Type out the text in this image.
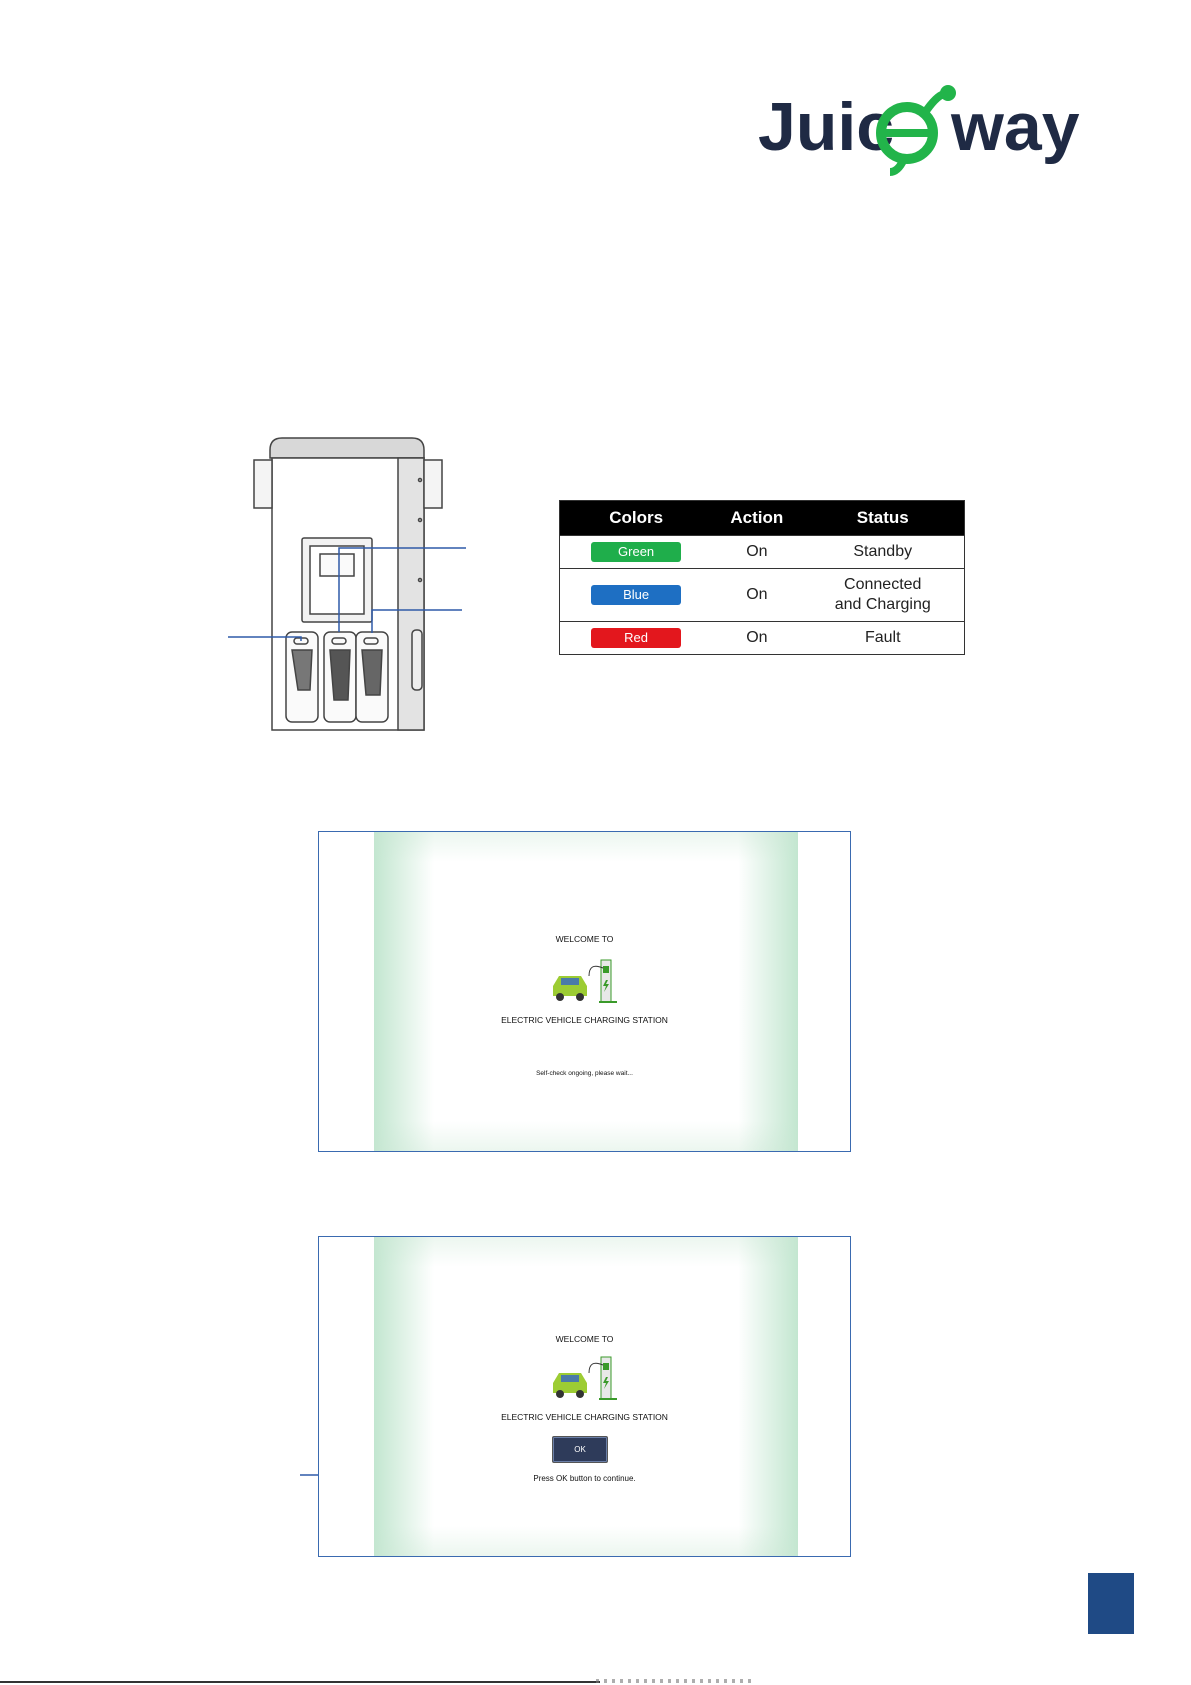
Juic way
Colors	Action	Status
Green	On	Standby
Blue	On	Connected
and Charging
Red	On	Fault
WELCOME TO
ELECTRIC VEHICLE CHARGING STATION
Self-check ongoing, please wait...
WELCOME TO
ELECTRIC VEHICLE CHARGING STATION
OK
Press OK button to continue.
